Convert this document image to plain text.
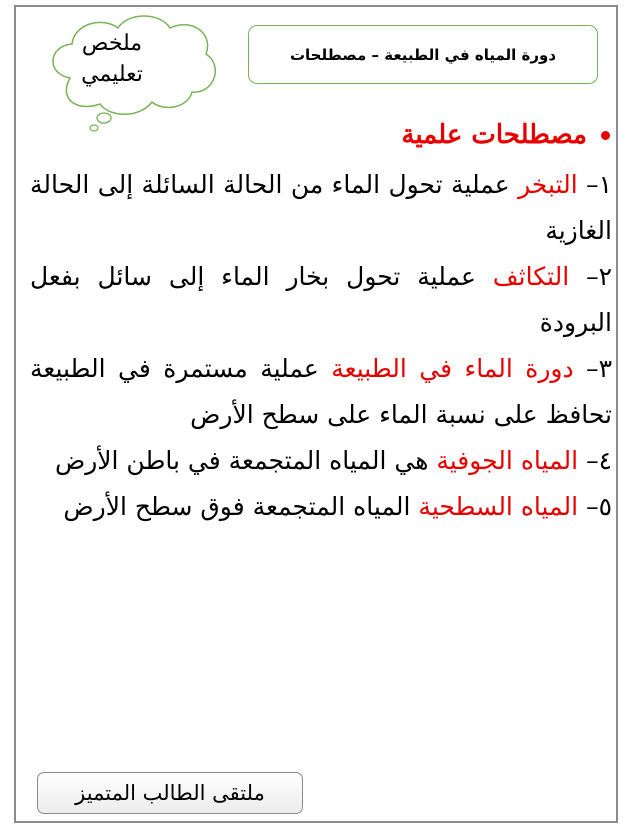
ملخص تعليمي
دورة المياه في الطبيعة – مصطلحات
مصطلحات علمية

١– التبخر عملية تحول الماء من الحالة السائلة إلى الحالة الغازية

٢– التكاثف عملية تحول بخار الماء إلى سائل بفعل البرودة

٣– دورة الماء في الطبيعة عملية مستمرة في الطبيعة تحافظ على نسبة الماء على سطح الأرض

٤– المياه الجوفية هي المياه المتجمعة في باطن الأرض

٥– المياه السطحية المياه المتجمعة فوق سطح الأرض

ملتقى الطالب المتميز
